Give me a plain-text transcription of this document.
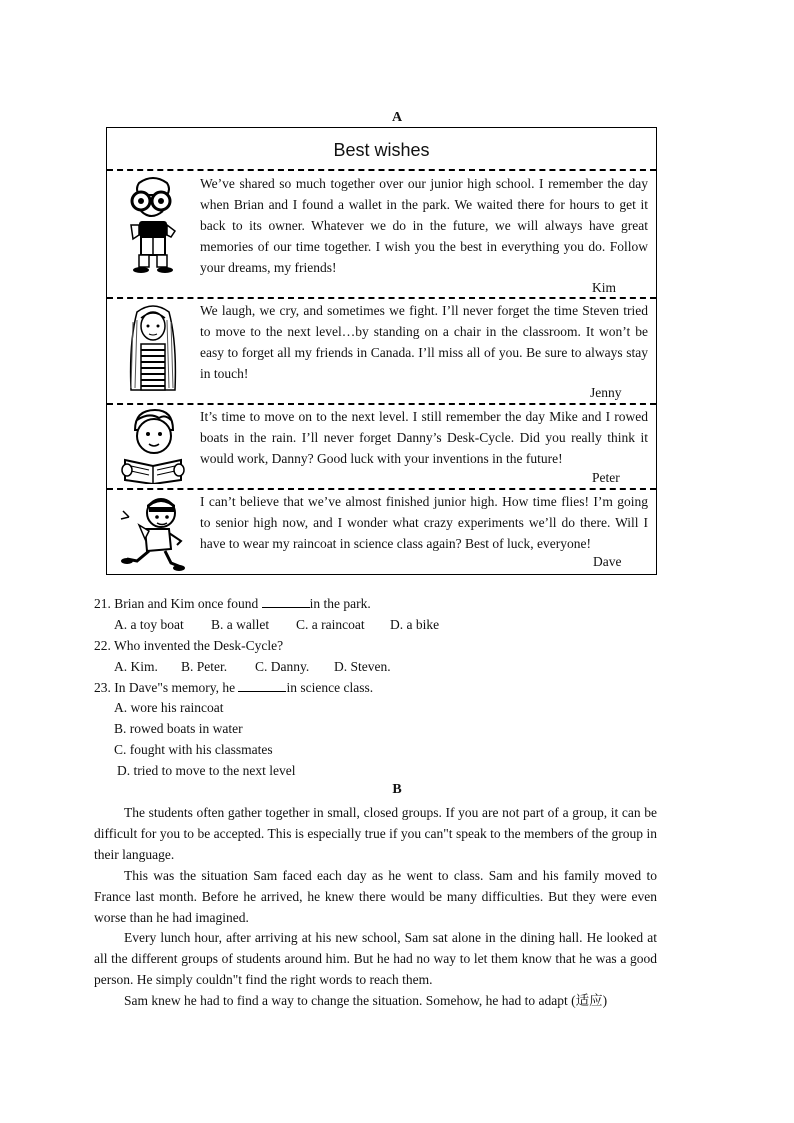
A
Best wishes
We’ve shared so much together over our junior high school. I remember the day when Brian and I found a wallet in the park. We waited there for hours to get it back to its owner. Whatever we do in the future, we will always have great memories of our time together. I wish you the best in everything you do. Follow your dreams, my friends!
Kim
We laugh, we cry, and sometimes we fight. I’ll never forget the time Steven tried to move to the next level…by standing on a chair in the classroom. It won’t be easy to forget all my friends in Canada. I’ll miss all of you. Be sure to always stay in touch!
Jenny
It’s time to move on to the next level. I still remember the day Mike and I rowed boats in the rain. I’ll never forget Danny’s Desk-Cycle. Did you really think it would work, Danny? Good luck with your inventions in the future!
Peter
I can’t believe that we’ve almost finished junior high. How time flies! I’m going to senior high now, and I wonder what crazy experiments we’ll do there. Will I have to wear my raincoat in science class again? Best of luck, everyone!
Dave
21. Brian and Kim once found	in the park.
A. a toy boat B. a wallet C. a raincoat D. a bike
22. Who invented the Desk-Cycle?
A. Kim. B. Peter. C. Danny. D. Steven.
23. In Dave"s memory, he	in science class.
A. wore his raincoat
B. rowed boats in water
C. fought with his classmates
D. tried to move to the next level
B
The students often gather together in small, closed groups. If you are not part of a group, it can be difficult for you to be accepted. This is especially true if you can"t speak to the members of the group in their language.
This was the situation Sam faced each day as he went to class. Sam and his family moved to France last month. Before he arrived, he knew there would be many difficulties. But they were even worse than he had imagined.
Every lunch hour, after arriving at his new school, Sam sat alone in the dining hall. He looked at all the different groups of students around him. But he had no way to let them know that he was a good person. He simply couldn"t find the right words to reach them.
Sam knew he had to find a way to change the situation. Somehow, he had to adapt (适应)
